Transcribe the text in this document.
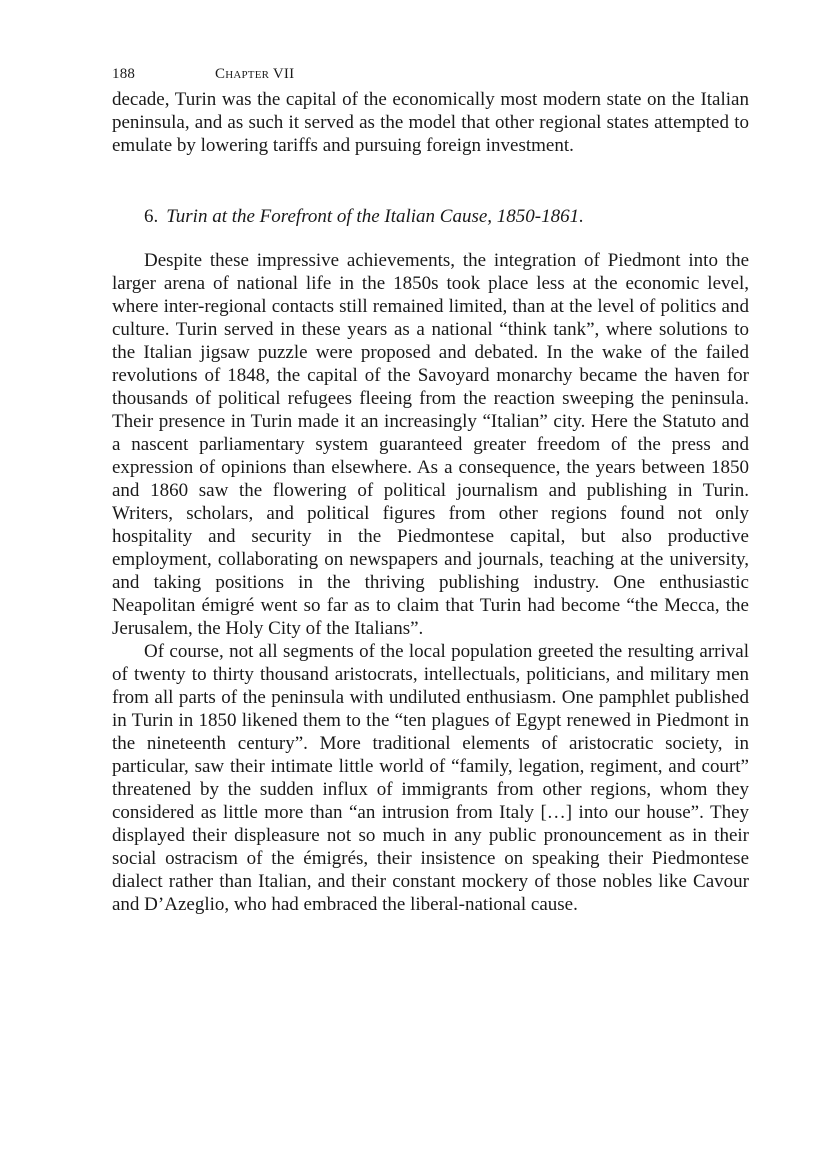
188	Chapter VII

decade, Turin was the capital of the economically most modern state on the Italian peninsula, and as such it served as the model that other regional states attempted to emulate by lowering tariffs and pursuing foreign investment.

6. Turin at the Forefront of the Italian Cause, 1850-1861.

Despite these impressive achievements, the integration of Piedmont into the larger arena of national life in the 1850s took place less at the economic level, where inter-regional contacts still remained limited, than at the level of politics and culture. Turin served in these years as a national “think tank”, where solutions to the Italian jigsaw puzzle were proposed and debated. In the wake of the failed revolutions of 1848, the capital of the Savoyard monarchy became the haven for thousands of political refugees fleeing from the reaction sweeping the peninsula. Their presence in Turin made it an increasingly “Italian” city. Here the Statuto and a nascent parliamentary system guaranteed greater freedom of the press and expression of opinions than elsewhere. As a consequence, the years between 1850 and 1860 saw the flowering of political journalism and publishing in Turin. Writers, scholars, and political figures from other regions found not only hospitality and security in the Piedmontese capital, but also productive employment, collaborating on newspapers and journals, teaching at the university, and taking positions in the thriving publishing industry. One enthusiastic Neapolitan émigré went so far as to claim that Turin had become “the Mecca, the Jerusalem, the Holy City of the Italians”.

Of course, not all segments of the local population greeted the resulting arrival of twenty to thirty thousand aristocrats, intellectuals, politicians, and military men from all parts of the peninsula with undiluted enthusiasm. One pamphlet published in Turin in 1850 likened them to the “ten plagues of Egypt renewed in Piedmont in the nineteenth century”. More traditional elements of aristocratic society, in particular, saw their intimate little world of “family, legation, regiment, and court” threatened by the sudden influx of immigrants from other regions, whom they considered as little more than “an intrusion from Italy […] into our house”. They displayed their displeasure not so much in any public pronouncement as in their social ostracism of the émigrés, their insistence on speaking their Piedmontese dialect rather than Italian, and their constant mockery of those nobles like Cavour and D’Azeglio, who had embraced the liberal-national cause.
